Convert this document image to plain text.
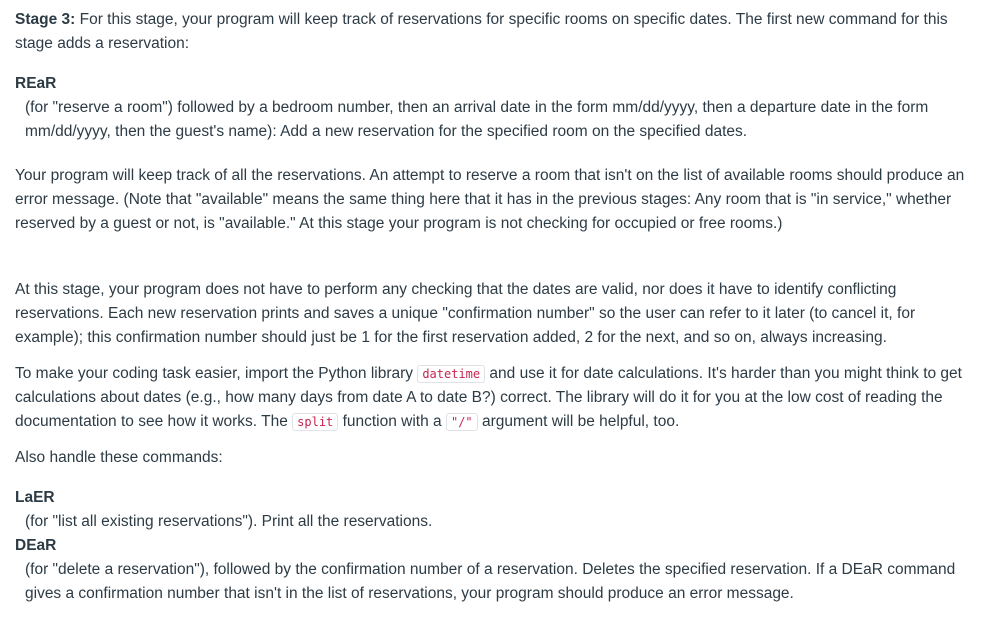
Stage 3: For this stage, your program will keep track of reservations for specific rooms on specific dates. The first new command for this stage adds a reservation:

REaR

(for "reserve a room") followed by a bedroom number, then an arrival date in the form mm/dd/yyyy, then a departure date in the form mm/dd/yyyy, then the guest's name): Add a new reservation for the specified room on the specified dates.

Your program will keep track of all the reservations. An attempt to reserve a room that isn't on the list of available rooms should produce an error message. (Note that "available" means the same thing here that it has in the previous stages: Any room that is "in service," whether reserved by a guest or not, is "available." At this stage your program is not checking for occupied or free rooms.)

At this stage, your program does not have to perform any checking that the dates are valid, nor does it have to identify conflicting reservations. Each new reservation prints and saves a unique "confirmation number" so the user can refer to it later (to cancel it, for example); this confirmation number should just be 1 for the first reservation added, 2 for the next, and so on, always increasing.

To make your coding task easier, import the Python library datetime and use it for date calculations. It's harder than you might think to get calculations about dates (e.g., how many days from date A to date B?) correct. The library will do it for you at the low cost of reading the documentation to see how it works. The split function with a "/" argument will be helpful, too.

Also handle these commands:

LaER

(for "list all existing reservations"). Print all the reservations.

DEaR

(for "delete a reservation"), followed by the confirmation number of a reservation. Deletes the specified reservation. If a DEaR command gives a confirmation number that isn't in the list of reservations, your program should produce an error message.
